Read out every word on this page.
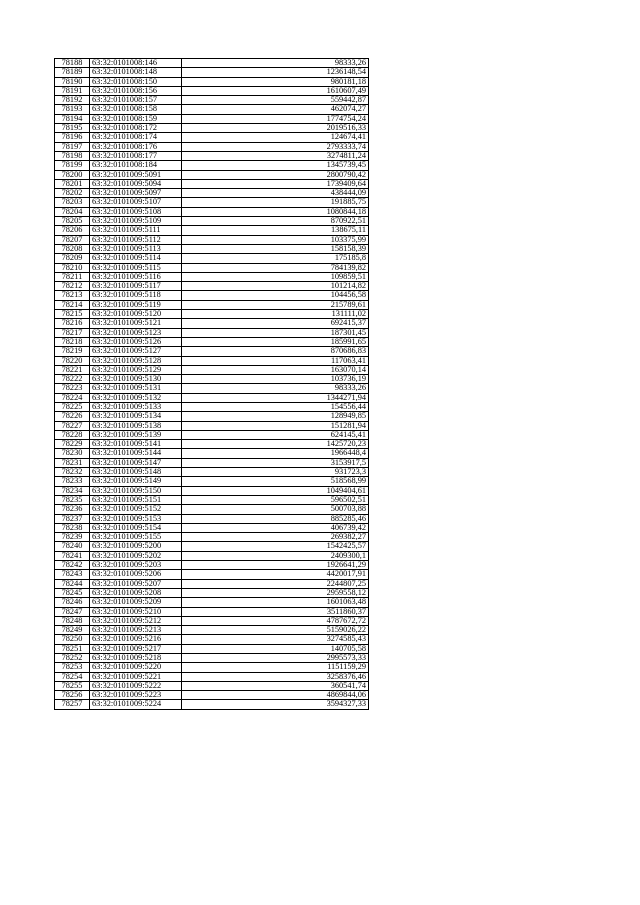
78188	63:32:0101008:146	98333,26
78189	63:32:0101008:148	1236148,54
78190	63:32:0101008:150	980181,18
78191	63:32:0101008:156	1610607,49
78192	63:32:0101008:157	559442,87
78193	63:32:0101008:158	462074,27
78194	63:32:0101008:159	1774754,24
78195	63:32:0101008:172	2019516,33
78196	63:32:0101008:174	124674,41
78197	63:32:0101008:176	2793333,74
78198	63:32:0101008:177	3274811,24
78199	63:32:0101008:184	1345739,45
78200	63:32:0101009:5091	2800790,42
78201	63:32:0101009:5094	1739409,64
78202	63:32:0101009:5097	438444,09
78203	63:32:0101009:5107	191885,75
78204	63:32:0101009:5108	1080844,18
78205	63:32:0101009:5109	870922,51
78206	63:32:0101009:5111	138675,11
78207	63:32:0101009:5112	103375,99
78208	63:32:0101009:5113	158158,39
78209	63:32:0101009:5114	175185,8
78210	63:32:0101009:5115	784139,82
78211	63:32:0101009:5116	109859,51
78212	63:32:0101009:5117	101214,82
78213	63:32:0101009:5118	104456,58
78214	63:32:0101009:5119	215789,61
78215	63:32:0101009:5120	131111,02
78216	63:32:0101009:5121	692415,37
78217	63:32:0101009:5123	187301,45
78218	63:32:0101009:5126	185991,65
78219	63:32:0101009:5127	870686,83
78220	63:32:0101009:5128	117063,41
78221	63:32:0101009:5129	163070,14
78222	63:32:0101009:5130	103736,19
78223	63:32:0101009:5131	98333,26
78224	63:32:0101009:5132	1344271,94
78225	63:32:0101009:5133	154556,44
78226	63:32:0101009:5134	128949,85
78227	63:32:0101009:5138	151281,94
78228	63:32:0101009:5139	624145,41
78229	63:32:0101009:5141	1425720,23
78230	63:32:0101009:5144	1966448,4
78231	63:32:0101009:5147	3153917,5
78232	63:32:0101009:5148	931723,3
78233	63:32:0101009:5149	518568,99
78234	63:32:0101009:5150	1049404,61
78235	63:32:0101009:5151	596502,51
78236	63:32:0101009:5152	500703,88
78237	63:32:0101009:5153	885285,46
78238	63:32:0101009:5154	406739,42
78239	63:32:0101009:5155	269382,27
78240	63:32:0101009:5200	1542425,57
78241	63:32:0101009:5202	2409300,1
78242	63:32:0101009:5203	1926641,29
78243	63:32:0101009:5206	4420017,91
78244	63:32:0101009:5207	2244807,25
78245	63:32:0101009:5208	2959558,12
78246	63:32:0101009:5209	1601063,48
78247	63:32:0101009:5210	3511860,37
78248	63:32:0101009:5212	4787672,72
78249	63:32:0101009:5213	5159026,22
78250	63:32:0101009:5216	3274585,43
78251	63:32:0101009:5217	140705,58
78252	63:32:0101009:5218	2995573,33
78253	63:32:0101009:5220	1151159,29
78254	63:32:0101009:5221	3258376,46
78255	63:32:0101009:5222	360541,74
78256	63:32:0101009:5223	4869844,06
78257	63:32:0101009:5224	3594327,33
